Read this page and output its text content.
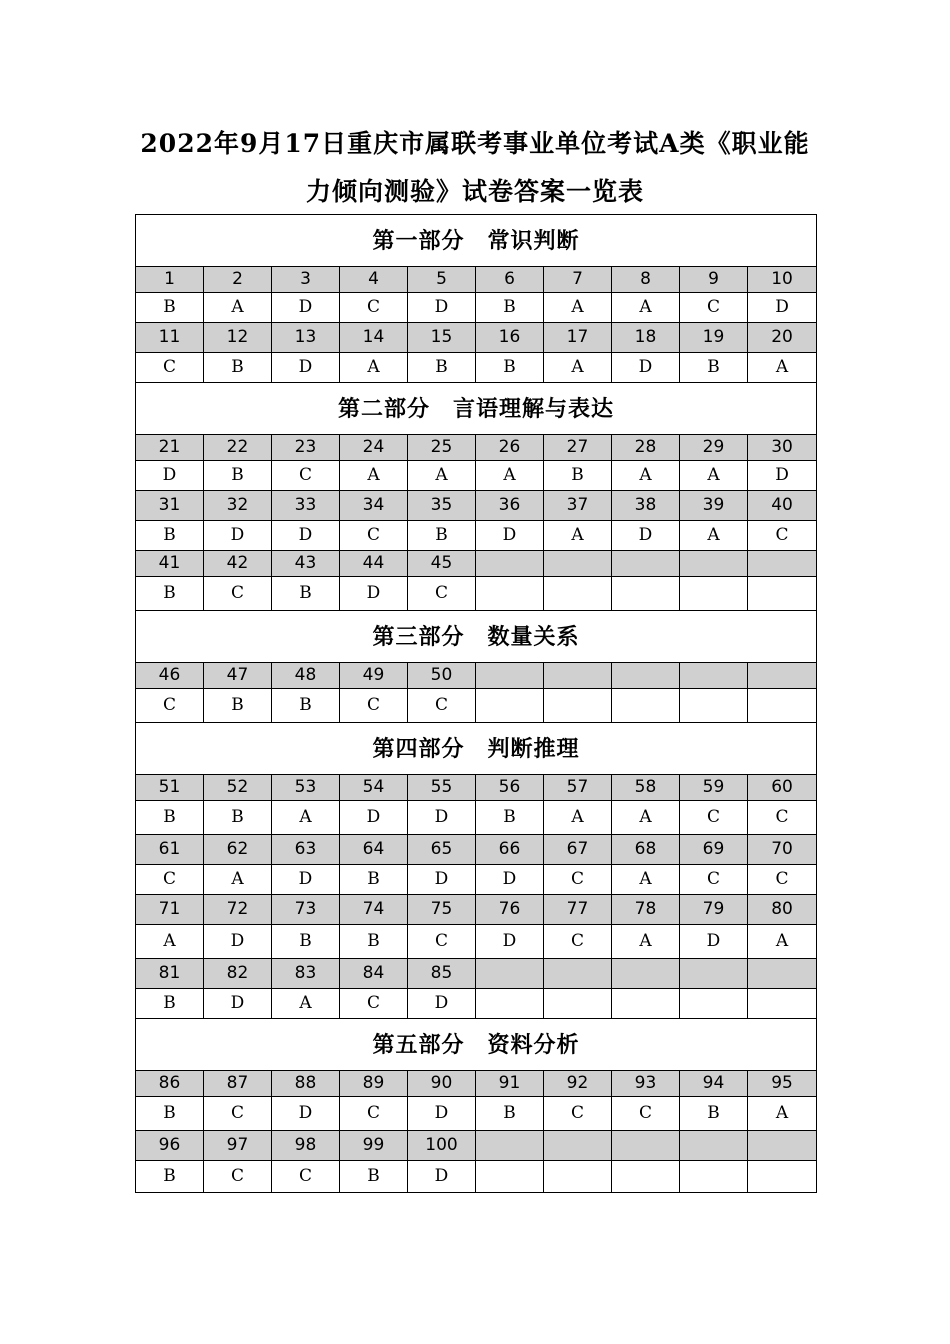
2022年9月17日重庆市属联考事业单位考试A类《职业能
力倾向测验》试卷答案一览表
第一部分　常识判断									
1	2	3	4	5	6	7	8	9	10
B	A	D	C	D	B	A	A	C	D
11	12	13	14	15	16	17	18	19	20
C	B	D	A	B	B	A	D	B	A
第二部分　言语理解与表达									
21	22	23	24	25	26	27	28	29	30
D	B	C	A	A	A	B	A	A	D
31	32	33	34	35	36	37	38	39	40
B	D	D	C	B	D	A	D	A	C
41	42	43	44	45					
B	C	B	D	C					
第三部分　数量关系									
46	47	48	49	50					
C	B	B	C	C					
第四部分　判断推理									
51	52	53	54	55	56	57	58	59	60
B	B	A	D	D	B	A	A	C	C
61	62	63	64	65	66	67	68	69	70
C	A	D	B	D	D	C	A	C	C
71	72	73	74	75	76	77	78	79	80
A	D	B	B	C	D	C	A	D	A
81	82	83	84	85					
B	D	A	C	D					
第五部分　资料分析									
86	87	88	89	90	91	92	93	94	95
B	C	D	C	D	B	C	C	B	A
96	97	98	99	100					
B	C	C	B	D					
